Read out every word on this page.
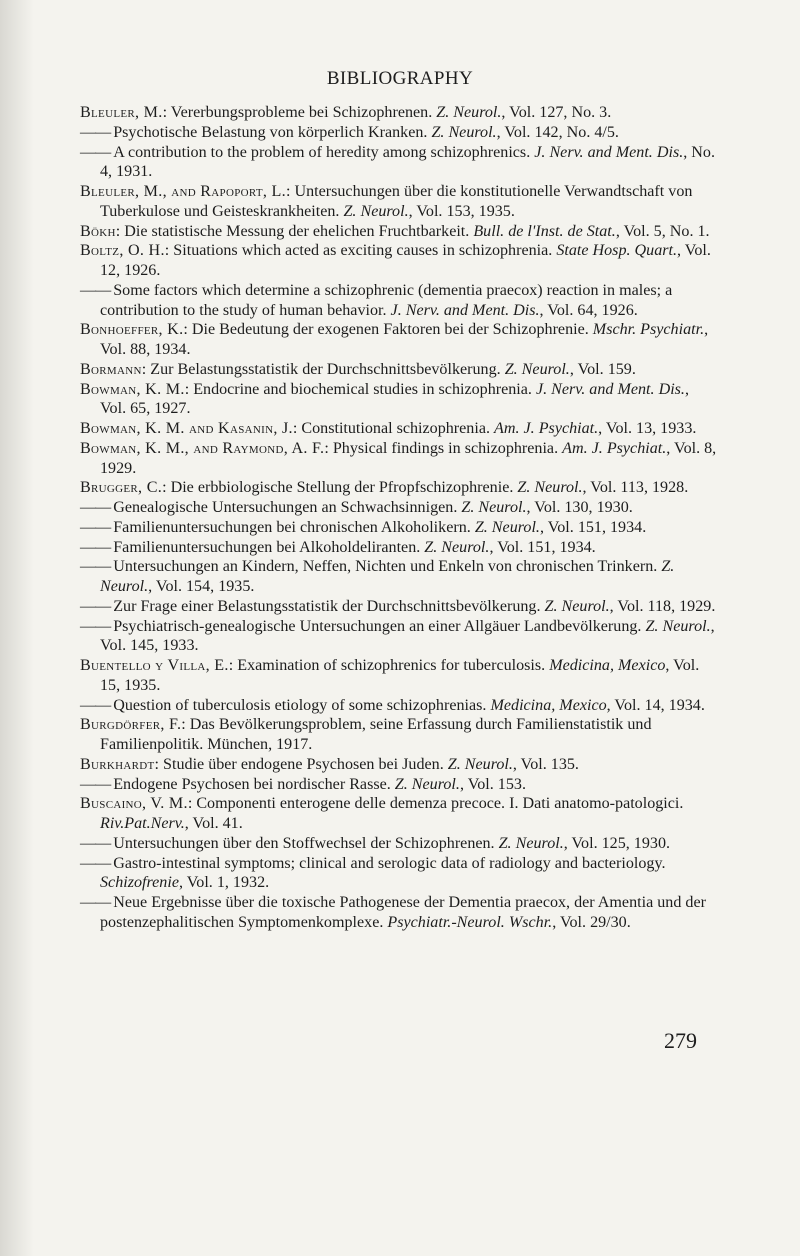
BIBLIOGRAPHY

Bleuler, M.: Vererbungsprobleme bei Schizophrenen. Z. Neurol., Vol. 127, No. 3.

—— Psychotische Belastung von körperlich Kranken. Z. Neurol., Vol. 142, No. 4/5.

—— A contribution to the problem of heredity among schizophrenics. J. Nerv. and Ment. Dis., No. 4, 1931.

Bleuler, M., and Rapoport, L.: Untersuchungen über die konstitutionelle Verwandtschaft von Tuberkulose und Geisteskrankheiten. Z. Neurol., Vol. 153, 1935.

Bökh: Die statistische Messung der ehelichen Fruchtbarkeit. Bull. de l'Inst. de Stat., Vol. 5, No. 1.

Boltz, O. H.: Situations which acted as exciting causes in schizophrenia. State Hosp. Quart., Vol. 12, 1926.

—— Some factors which determine a schizophrenic (dementia praecox) reaction in males; a contribution to the study of human behavior. J. Nerv. and Ment. Dis., Vol. 64, 1926.

Bonhoeffer, K.: Die Bedeutung der exogenen Faktoren bei der Schizophrenie. Mschr. Psychiatr., Vol. 88, 1934.

Bormann: Zur Belastungsstatistik der Durchschnittsbevölkerung. Z. Neurol., Vol. 159.

Bowman, K. M.: Endocrine and biochemical studies in schizophrenia. J. Nerv. and Ment. Dis., Vol. 65, 1927.

Bowman, K. M. and Kasanin, J.: Constitutional schizophrenia. Am. J. Psychiat., Vol. 13, 1933.

Bowman, K. M., and Raymond, A. F.: Physical findings in schizophrenia. Am. J. Psychiat., Vol. 8, 1929.

Brugger, C.: Die erbbiologische Stellung der Pfropfschizophrenie. Z. Neurol., Vol. 113, 1928.

—— Genealogische Untersuchungen an Schwachsinnigen. Z. Neurol., Vol. 130, 1930.

—— Familienuntersuchungen bei chronischen Alkoholikern. Z. Neurol., Vol. 151, 1934.

—— Familienuntersuchungen bei Alkoholdeliranten. Z. Neurol., Vol. 151, 1934.

—— Untersuchungen an Kindern, Neffen, Nichten und Enkeln von chronischen Trinkern. Z. Neurol., Vol. 154, 1935.

—— Zur Frage einer Belastungsstatistik der Durchschnittsbevölkerung. Z. Neurol., Vol. 118, 1929.

—— Psychiatrisch-genealogische Untersuchungen an einer Allgäuer Landbevölkerung. Z. Neurol., Vol. 145, 1933.

Buentello y Villa, E.: Examination of schizophrenics for tuberculosis. Medicina, Mexico, Vol. 15, 1935.

—— Question of tuberculosis etiology of some schizophrenias. Medicina, Mexico, Vol. 14, 1934.

Burgdörfer, F.: Das Bevölkerungsproblem, seine Erfassung durch Familienstatistik und Familienpolitik. München, 1917.

Burkhardt: Studie über endogene Psychosen bei Juden. Z. Neurol., Vol. 135.

—— Endogene Psychosen bei nordischer Rasse. Z. Neurol., Vol. 153.

Buscaino, V. M.: Componenti enterogene delle demenza precoce. I. Dati anatomo-patologici. Riv.Pat.Nerv., Vol. 41.

—— Untersuchungen über den Stoffwechsel der Schizophrenen. Z. Neurol., Vol. 125, 1930.

—— Gastro-intestinal symptoms; clinical and serologic data of radiology and bacteriology. Schizofrenie, Vol. 1, 1932.

—— Neue Ergebnisse über die toxische Pathogenese der Dementia praecox, der Amentia und der postenzephalitischen Symptomenkomplexe. Psychiatr.-Neurol. Wschr., Vol. 29/30.

279
